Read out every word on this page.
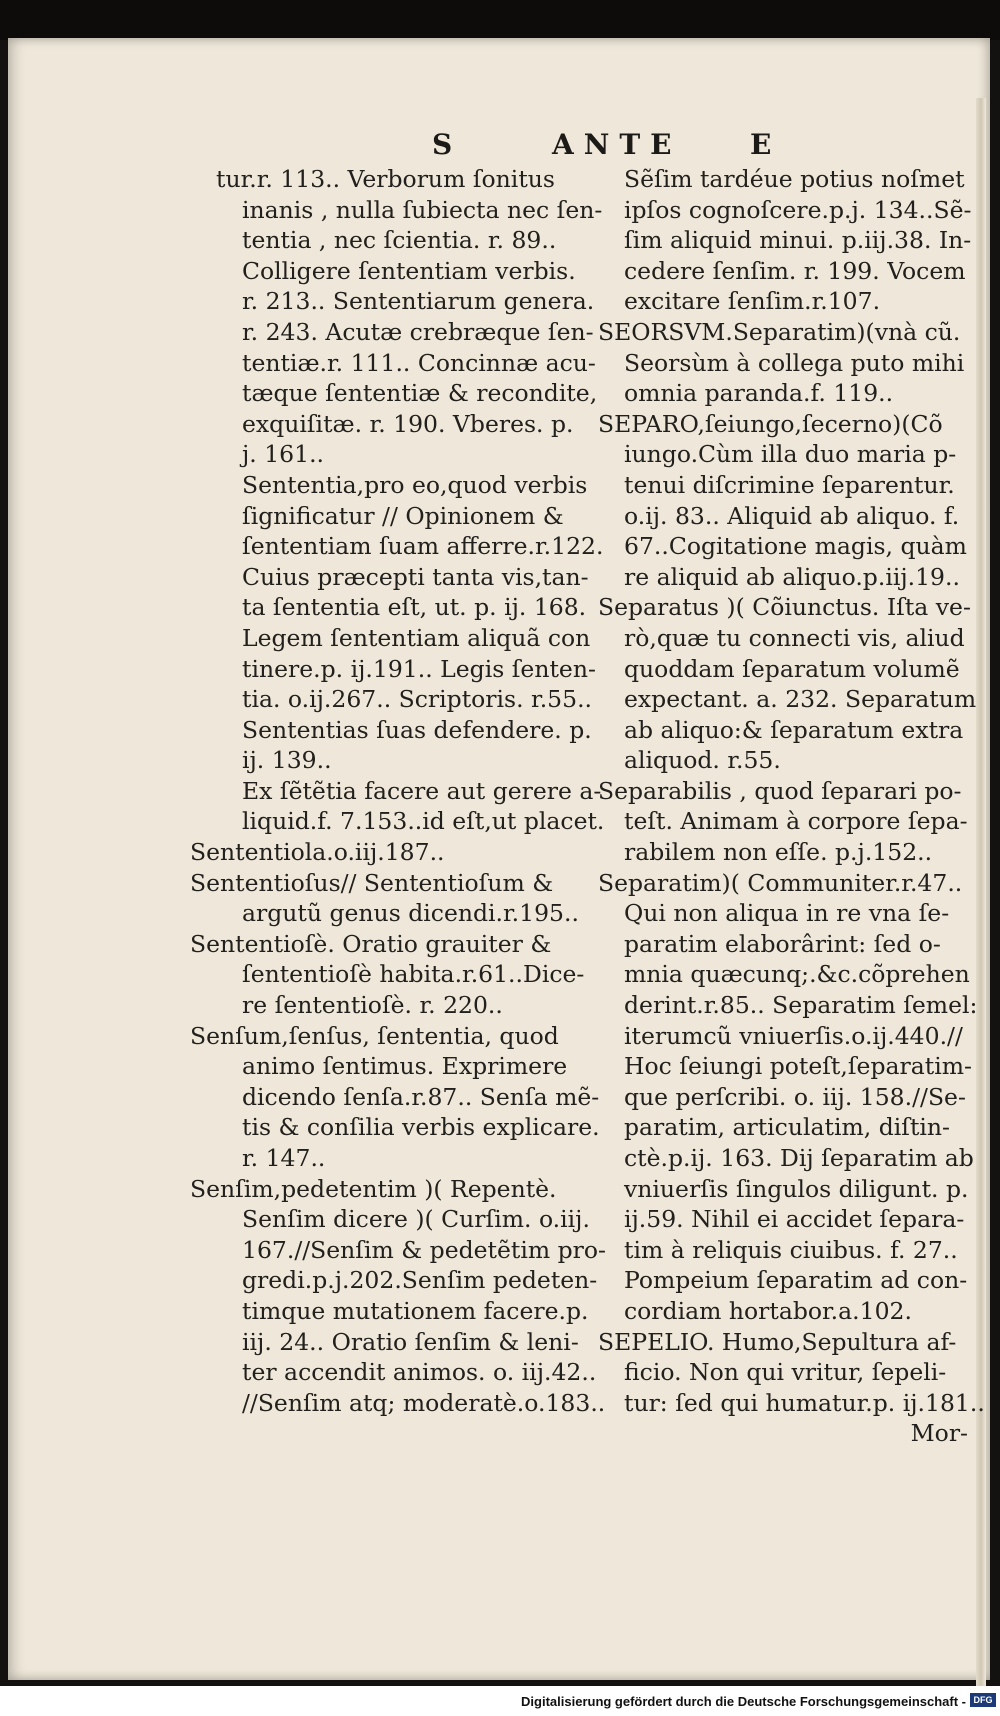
S	ANTE E
tur.r. 113.. Verborum ſonitus
inanis , nulla ſubiecta nec ſen-
tentia , nec ſcientia. r. 89..
Colligere ſententiam verbis.
r. 213.. Sententiarum genera.
r. 243. Acutæ crebræque ſen-
tentiæ.r. 111.. Concinnæ acu-
tæque ſententiæ & recondite,
exquiſitæ. r. 190. Vberes. p.
j. 161..
Sententia,pro eo,quod verbis
ſignificatur // Opinionem &
ſententiam ſuam afferre.r.122.
Cuius præcepti tanta vis,tan-
ta ſententia eſt, ut. p. ij. 168.
Legem ſententiam aliquã con
tinere.p. ij.191.. Legis ſenten-
tia. o.ij.267.. Scriptoris. r.55..
Sententias ſuas defendere. p.
ij. 139..
Ex ſẽtẽtia facere aut gerere a-
liquid.f. 7.153..id eſt,ut placet.
Sententiola.o.iij.187..
Sententioſus// Sententioſum &
argutũ genus dicendi.r.195..
Sententioſè. Oratio grauiter &
ſententioſè habita.r.61..Dice-
re ſententioſè. r. 220..
Senſum,ſenſus, ſententia, quod
animo ſentimus. Exprimere
dicendo ſenſa.r.87.. Senſa mẽ-
tis & conſilia verbis explicare.
r. 147..
Senſim,pedetentim )( Repentè.
Senſim dicere )( Curſim. o.iij.
167.//Senſim & pedetẽtim pro-
gredi.p.j.202.Senſim pedeten-
timque mutationem facere.p.
iij. 24.. Oratio ſenſim & leni-
ter accendit animos. o. iij.42..
//Senſim atq; moderatè.o.183..
Sẽſim tardéue potius noſmet
ipſos cognoſcere.p.j. 134..Sẽ-
ſim aliquid minui. p.iij.38. In-
cedere ſenſim. r. 199. Vocem
excitare ſenſim.r.107.
SEORSVM.Separatim)(vnà cũ.
Seorsùm à collega puto mihi
omnia paranda.f. 119..
SEPARO,ſeiungo,ſecerno)(Cõ
iungo.Cùm illa duo maria p-
tenui diſcrimine ſeparentur.
o.ij. 83.. Aliquid ab aliquo. f.
67..Cogitatione magis, quàm
re aliquid ab aliquo.p.iij.19..
Separatus )( Cõiunctus. Iſta ve-
rò,quæ tu connecti vis, aliud
quoddam ſeparatum volumẽ
expectant. a. 232. Separatum
ab aliquo:& ſeparatum extra
aliquod. r.55.
Separabilis , quod ſeparari po-
teſt. Animam à corpore ſepa-
rabilem non eſſe. p.j.152..
Separatim)( Communiter.r.47..
Qui non aliqua in re vna ſe-
paratim elaborârint: ſed o-
mnia quæcunq;.&c.cõprehen
derint.r.85.. Separatim ſemel:
iterumcũ vniuerſis.o.ij.440.//
Hoc ſeiungi poteſt,ſeparatim-
que perſcribi. o. iij. 158.//Se-
paratim, articulatim, diſtin-
ctè.p.ij. 163. Dij ſeparatim ab
vniuerſis ſingulos diligunt. p.
ij.59. Nihil ei accidet ſepara-
tim à reliquis ciuibus. f. 27..
Pompeium ſeparatim ad con-
cordiam hortabor.a.102.
SEPELIO. Humo,Sepultura af-
ficio. Non qui vritur, ſepeli-
tur: ſed qui humatur.p. ij.181..
Mor-
Digitalisierung gefördert durch die Deutsche Forschungsgemeinschaft - DFG
